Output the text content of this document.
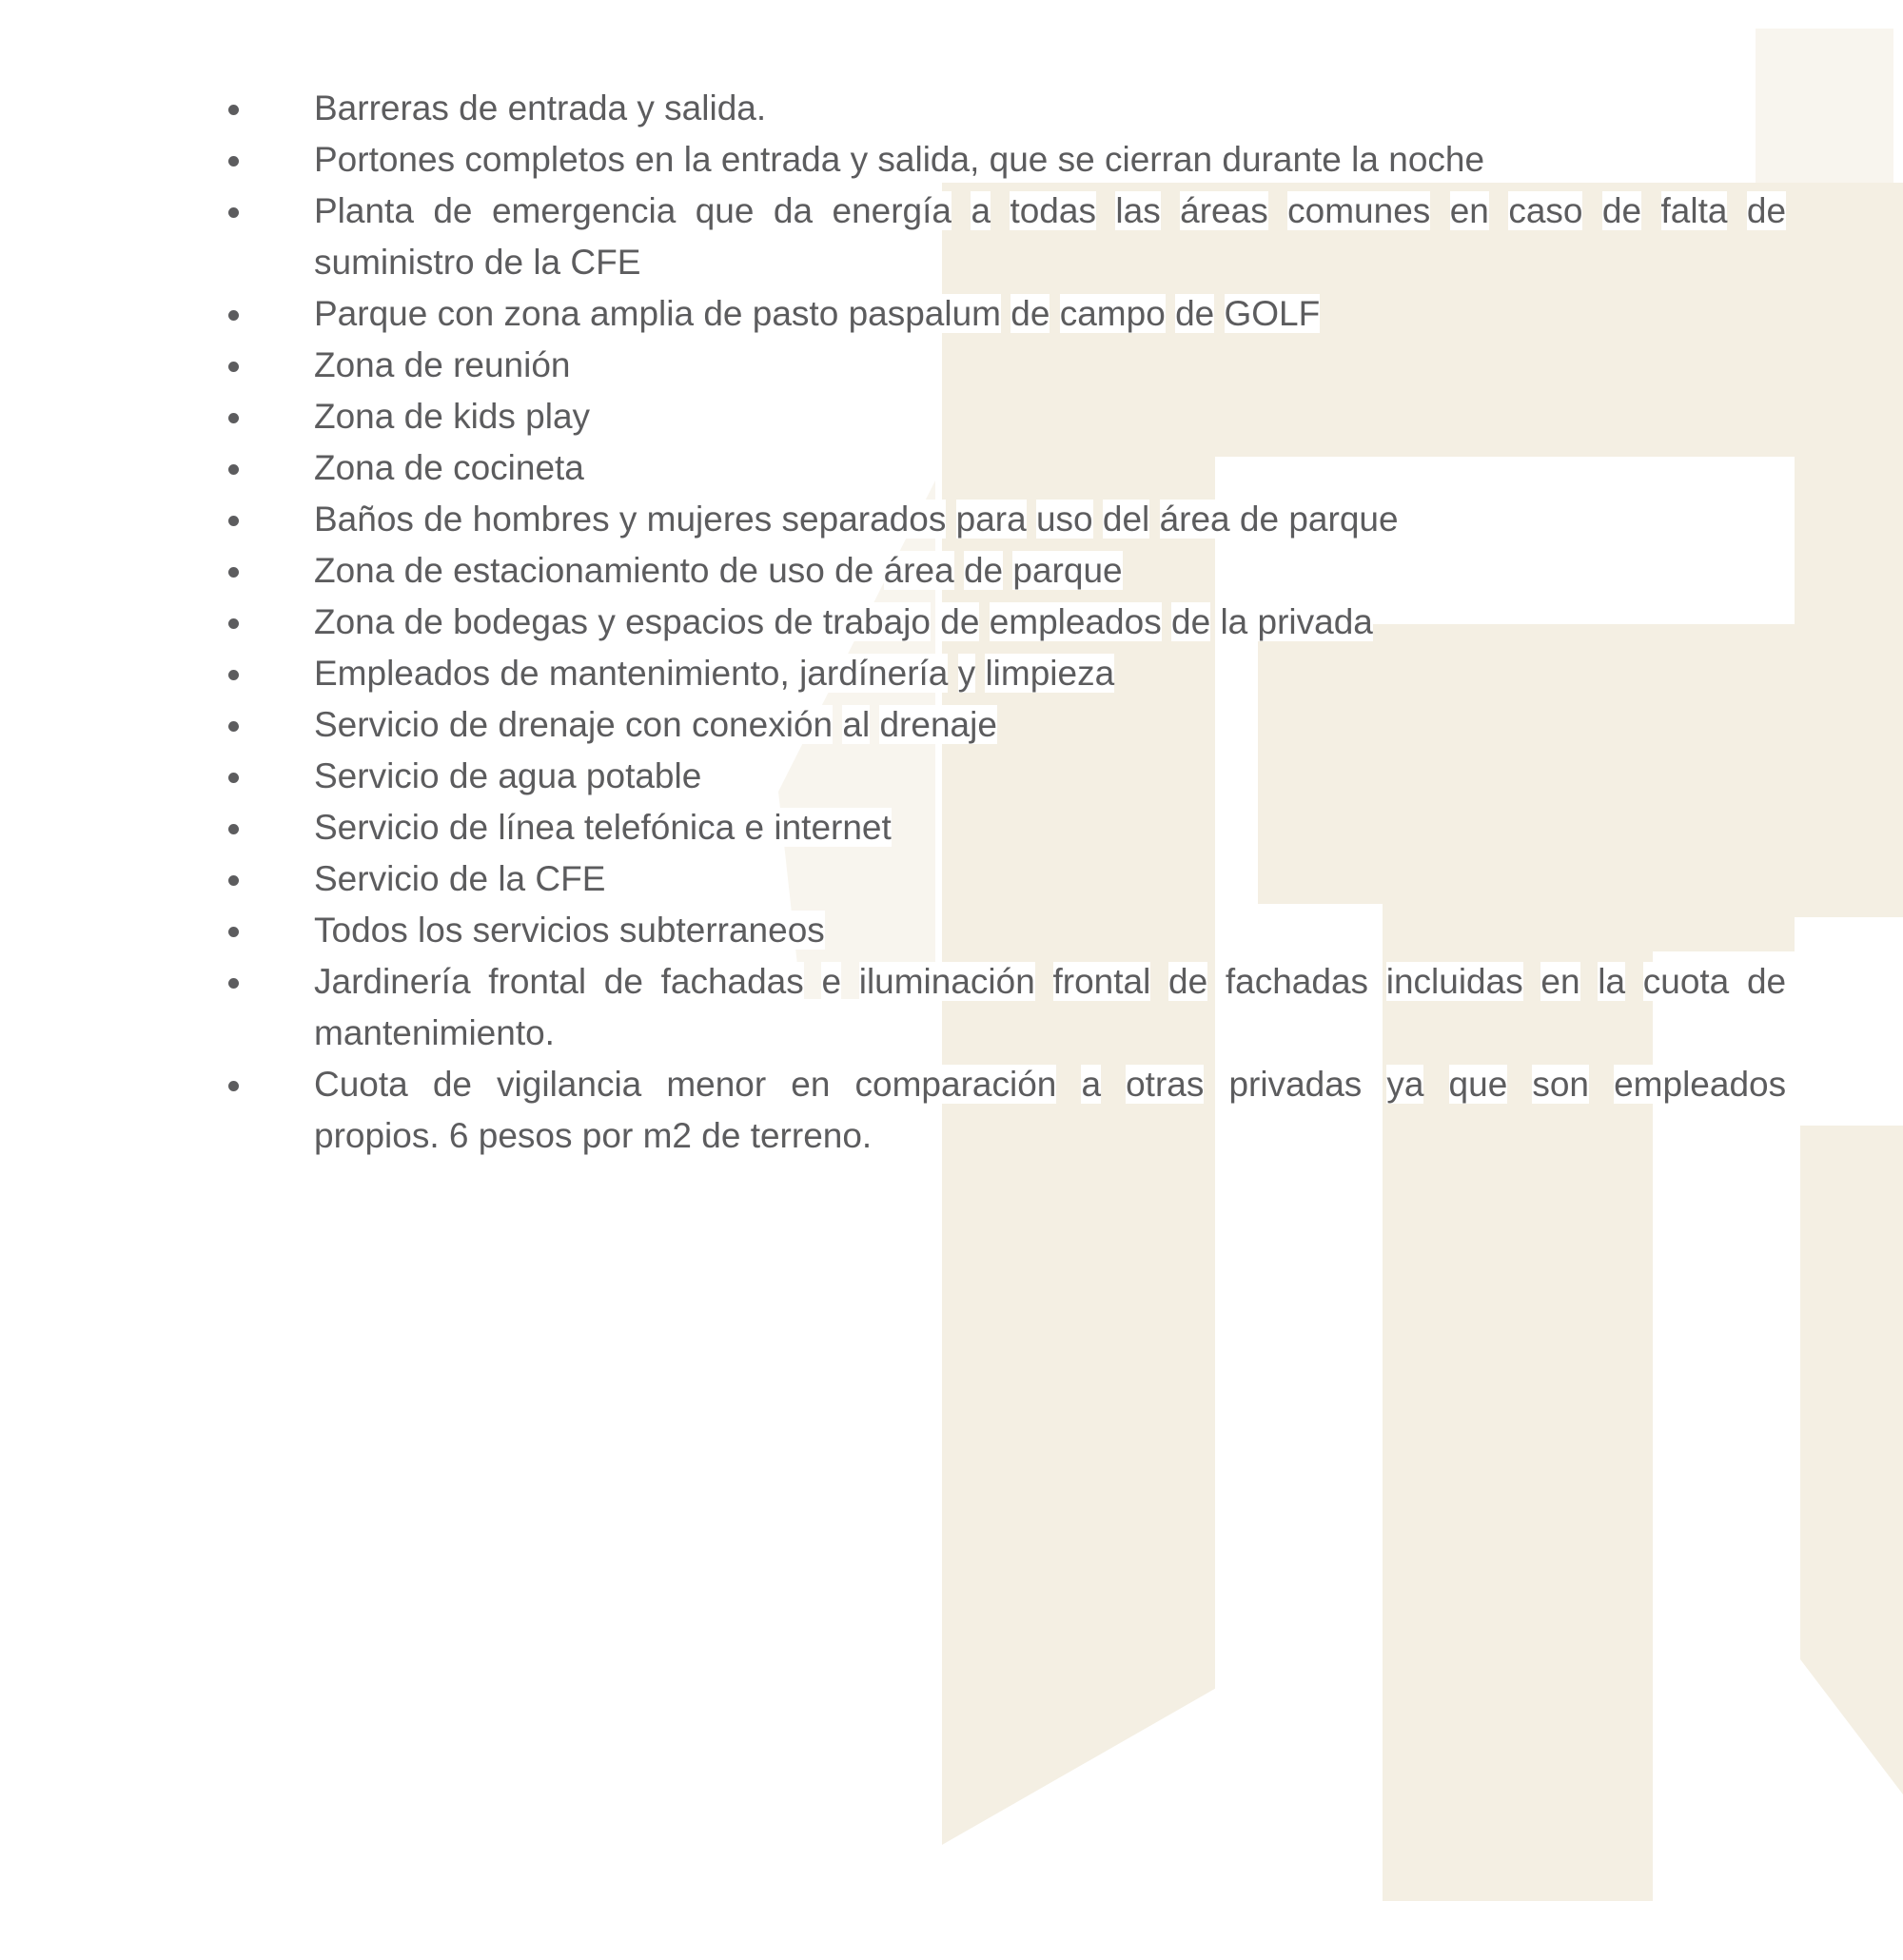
Barreras de entrada y salida.
Portones completos en la entrada y salida, que se cierran durante la noche
Planta de emergencia que da energía a todas las áreas comunes en caso de falta de
suministro de la CFE
Parque con zona amplia de pasto paspalum de campo de GOLF
Zona de reunión
Zona de kids play
Zona de cocineta
Baños de hombres y mujeres separados para uso del área de parque
Zona de estacionamiento de uso de área de parque
Zona de bodegas y espacios de trabajo de empleados de la privada
Empleados de mantenimiento, jardínería y limpieza
Servicio de drenaje con conexión al drenaje
Servicio de agua potable
Servicio de línea telefónica e internet
Servicio de la CFE
Todos los servicios subterraneos
Jardinería frontal de fachadas e iluminación frontal de fachadas incluidas en la cuota de
mantenimiento.
Cuota de vigilancia menor en comparación a otras privadas ya que son empleados
propios. 6 pesos por m2 de terreno.
